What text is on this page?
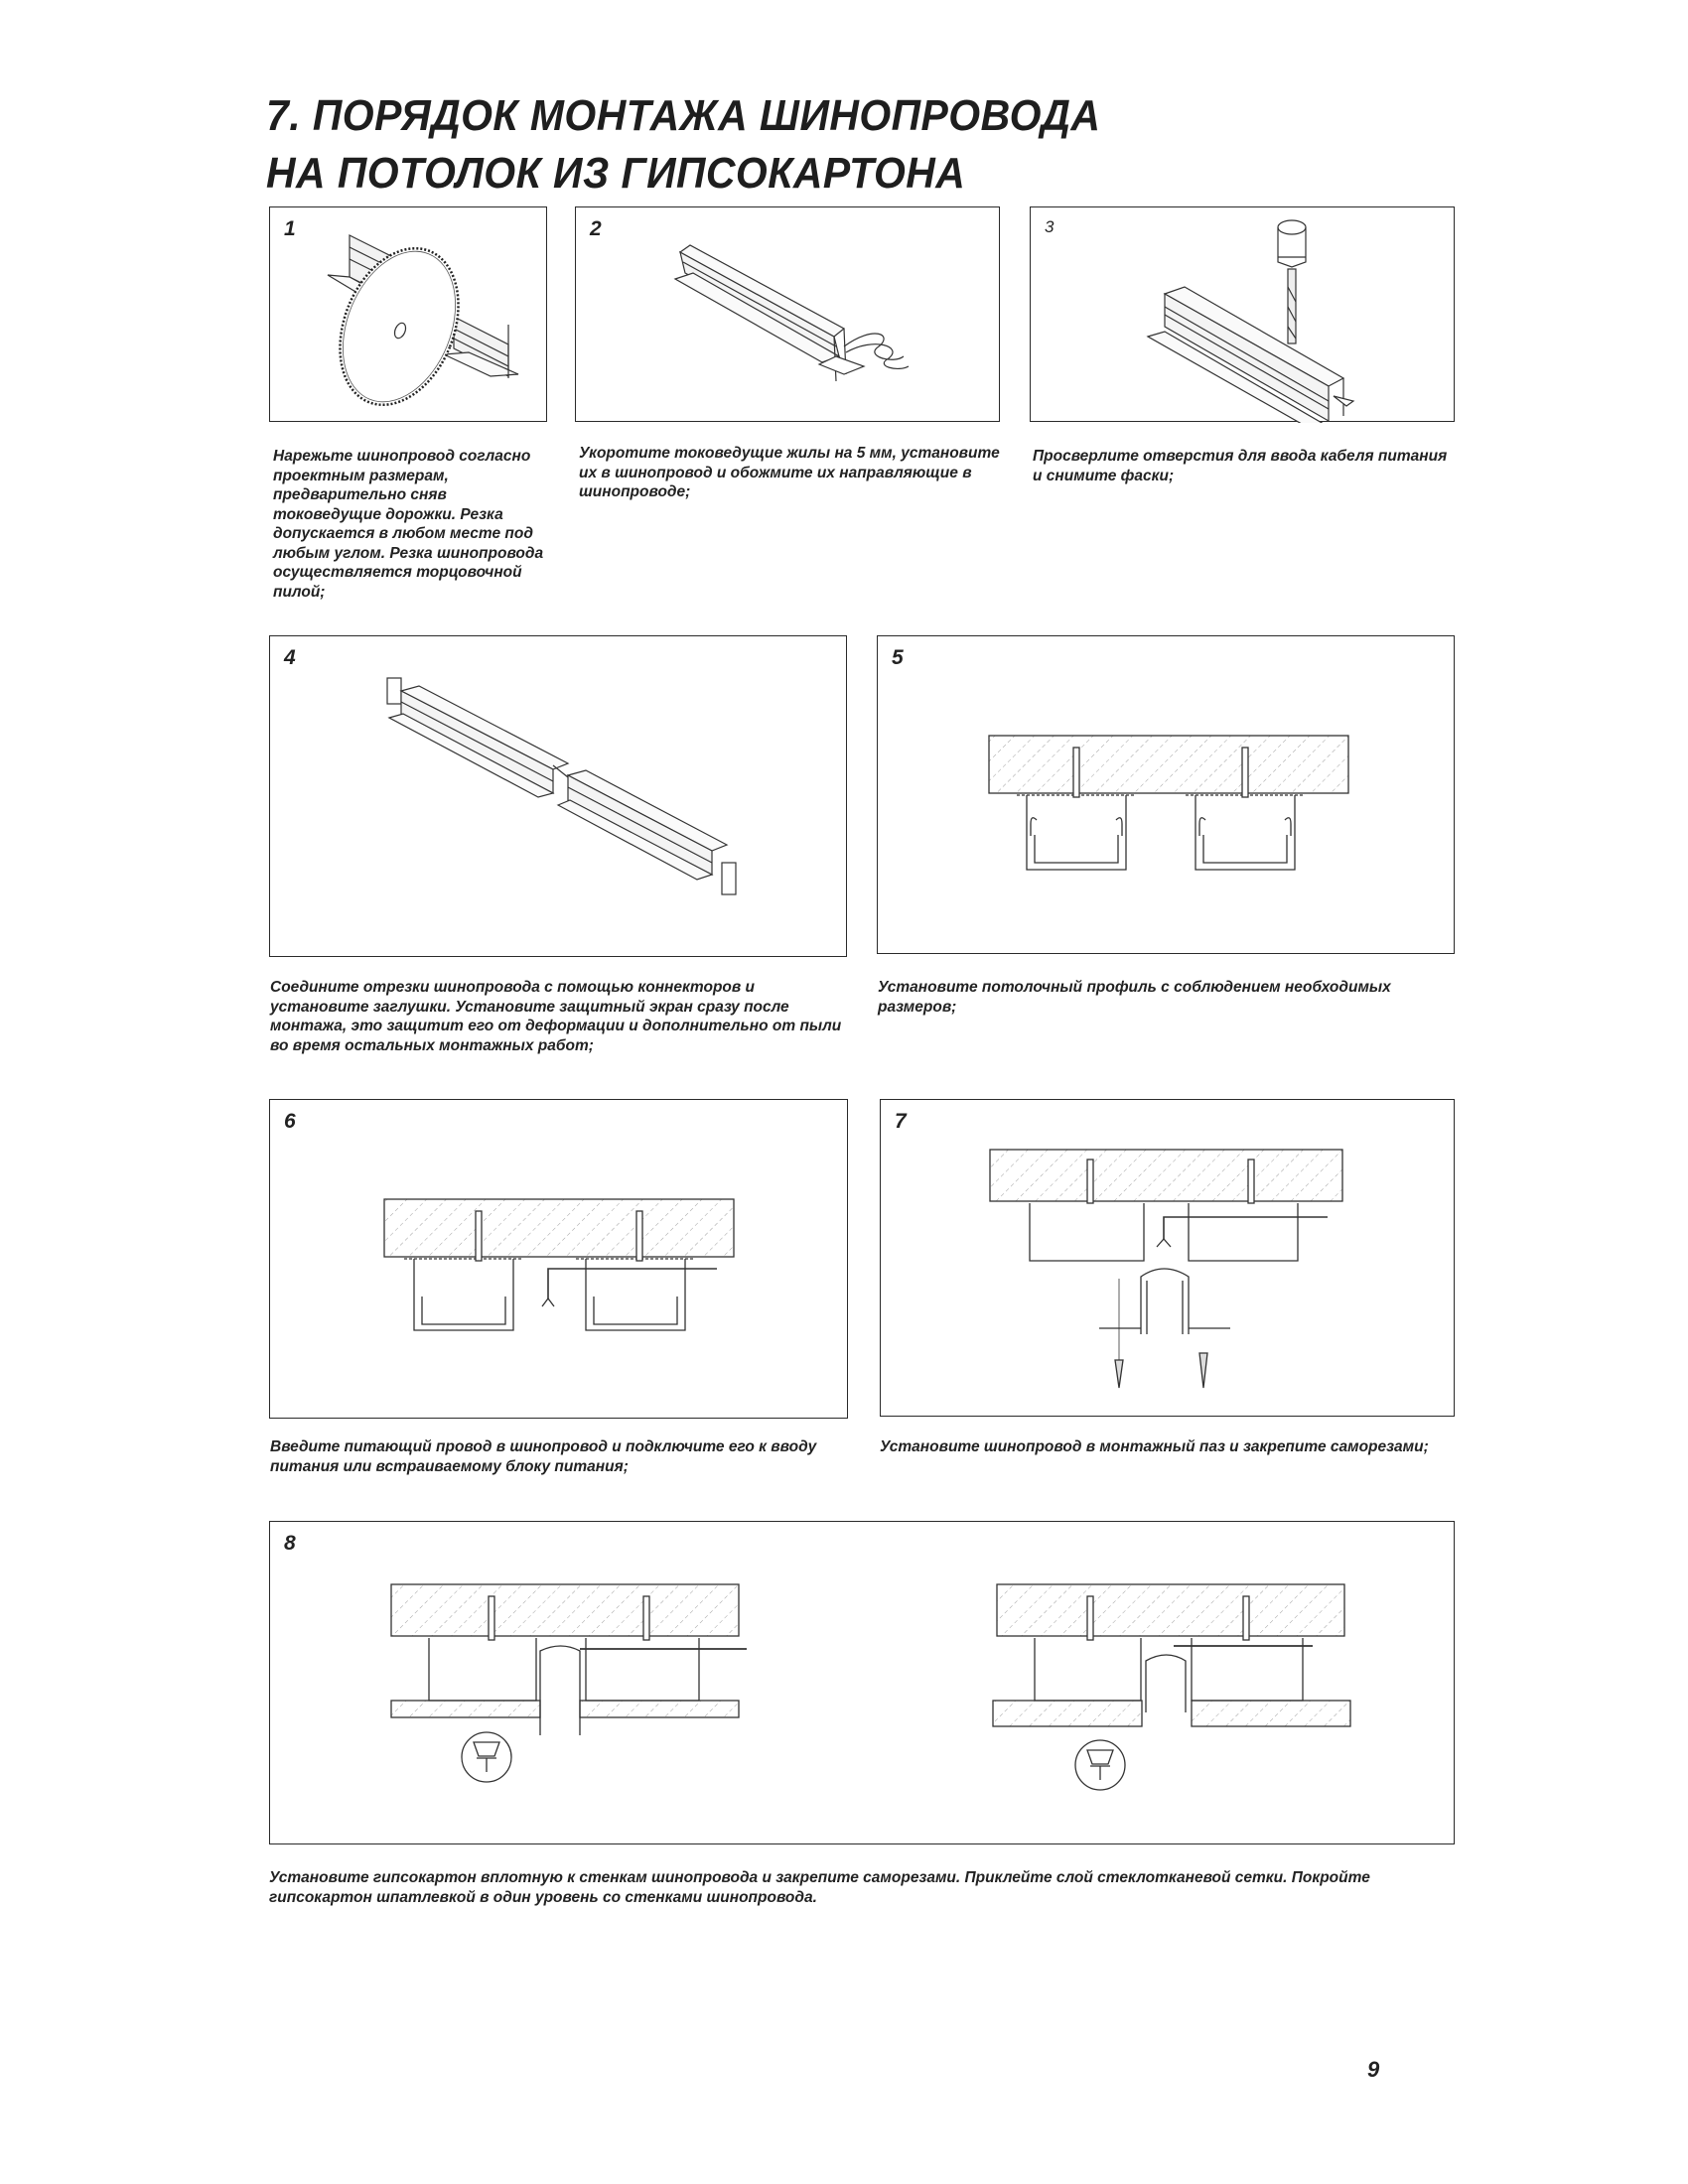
7. ПОРЯДОК МОНТАЖА ШИНОПРОВОДА
НА ПОТОЛОК ИЗ ГИПСОКАРТОНА
1
Нарежьте шинопровод согласно проектным размерам, предварительно сняв токоведущие дорожки. Резка допускается в любом месте под любым углом. Резка шинопровода осуществляется торцовочной пилой;
2
Укоротите токоведущие жилы на 5 мм, установите их в шинопровод и обожмите их направляющие в шинопроводе;
3
Просверлите отверстия для ввода кабеля питания и снимите фаски;
4
Соедините отрезки шинопровода с помощью коннекторов и установите заглушки. Установите защитный экран сразу после монтажа, это защитит его от деформации и дополнительно от пыли во время остальных монтажных работ;
5
Установите потолочный профиль с соблюдением необходимых размеров;
6
Введите питающий провод в шинопровод и подключите его к вводу питания или встраиваемому блоку питания;
7
Установите шинопровод в монтажный паз и закрепите саморезами;
8
Установите гипсокартон вплотную к стенкам шинопровода и закрепите саморезами. Приклейте слой стеклотканевой сетки. Покройте гипсокартон шпатлевкой в один уровень со стенками шинопровода.
9
